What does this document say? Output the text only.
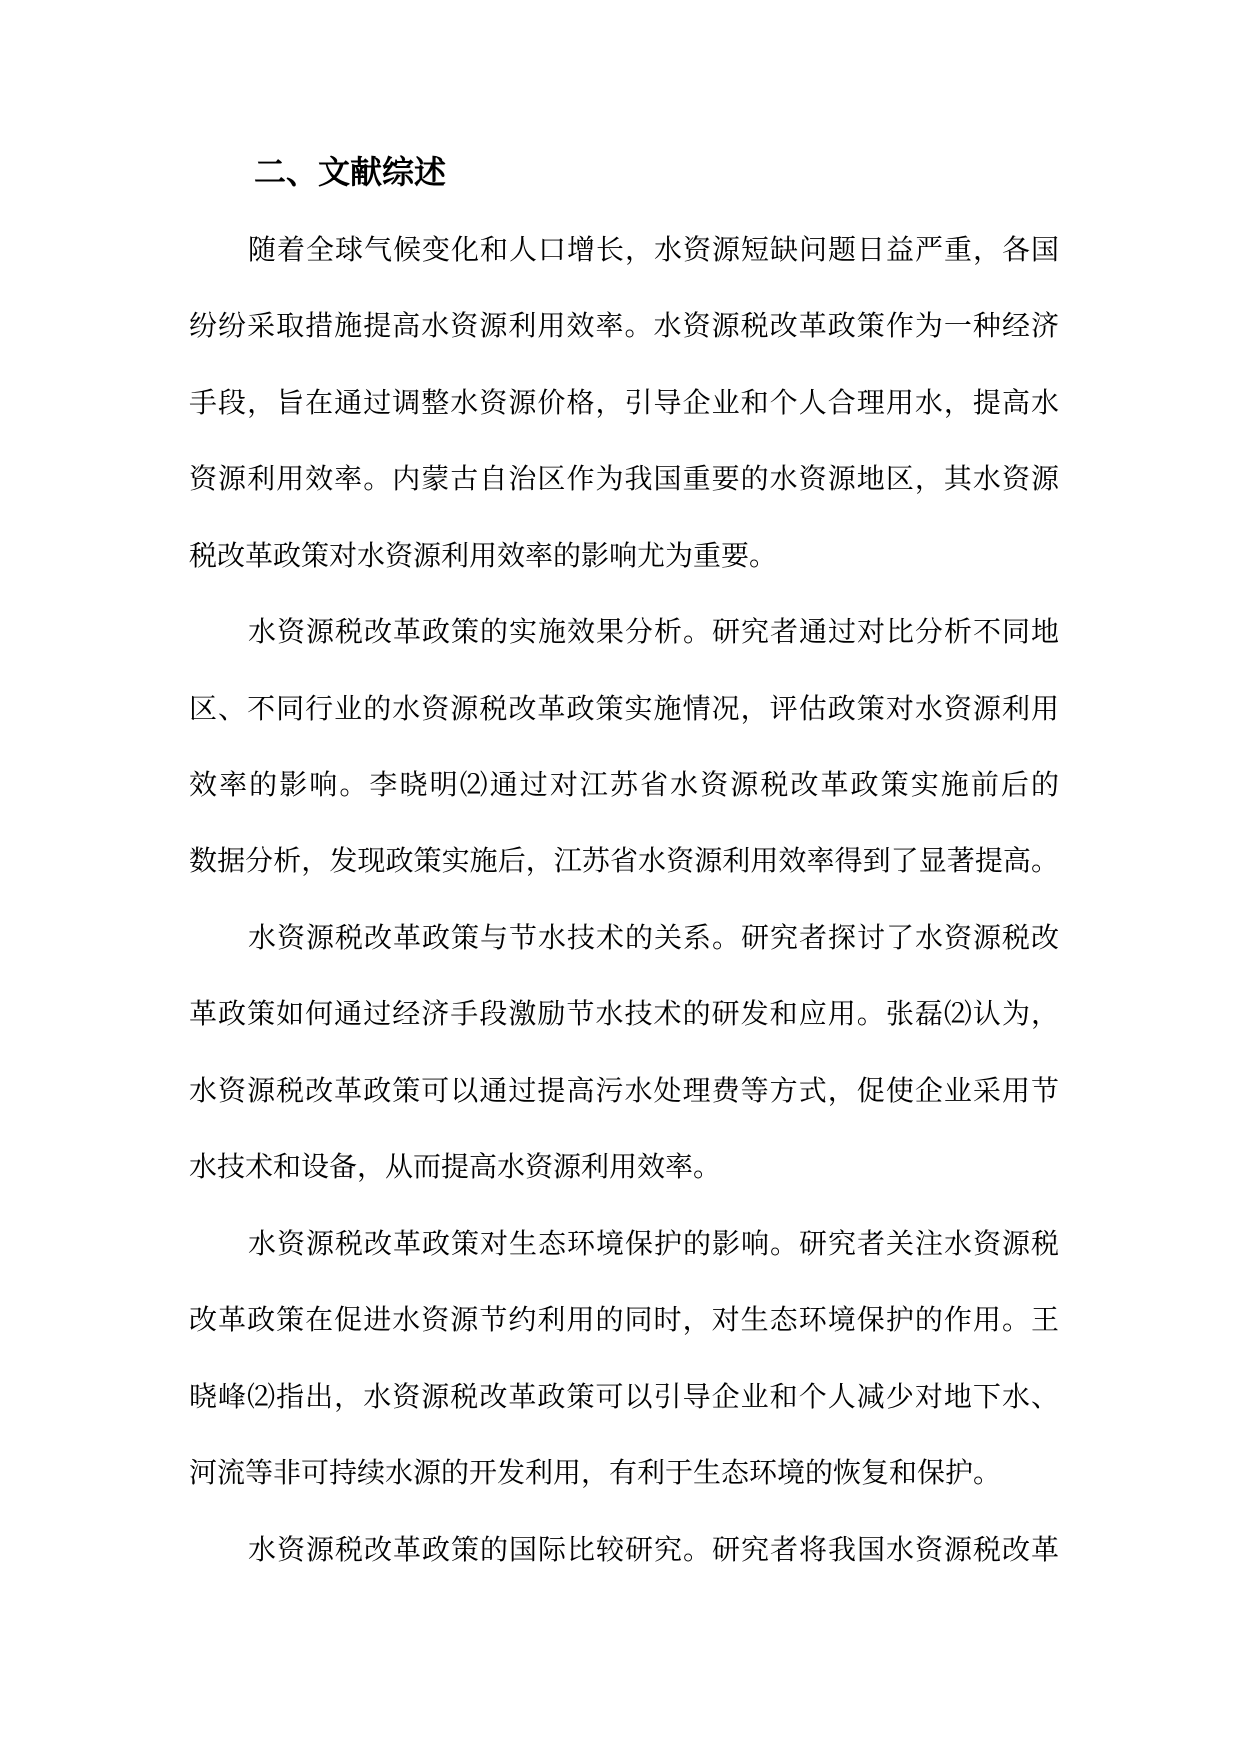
二、文献综述

随着全球气候变化和人口增长，水资源短缺问题日益严重，各国

纷纷采取措施提高水资源利用效率。水资源税改革政策作为一种经济

手段，旨在通过调整水资源价格，引导企业和个人合理用水，提高水

资源利用效率。内蒙古自治区作为我国重要的水资源地区，其水资源

税改革政策对水资源利用效率的影响尤为重要。

水资源税改革政策的实施效果分析。研究者通过对比分析不同地

区、不同行业的水资源税改革政策实施情况，评估政策对水资源利用

效率的影响。李晓明⑵通过对江苏省水资源税改革政策实施前后的

数据分析，发现政策实施后，江苏省水资源利用效率得到了显著提高。

水资源税改革政策与节水技术的关系。研究者探讨了水资源税改

革政策如何通过经济手段激励节水技术的研发和应用。张磊⑵认为，

水资源税改革政策可以通过提高污水处理费等方式，促使企业采用节

水技术和设备，从而提高水资源利用效率。

水资源税改革政策对生态环境保护的影响。研究者关注水资源税

改革政策在促进水资源节约利用的同时，对生态环境保护的作用。王

晓峰⑵指出，水资源税改革政策可以引导企业和个人减少对地下水、

河流等非可持续水源的开发利用，有利于生态环境的恢复和保护。

水资源税改革政策的国际比较研究。研究者将我国水资源税改革
